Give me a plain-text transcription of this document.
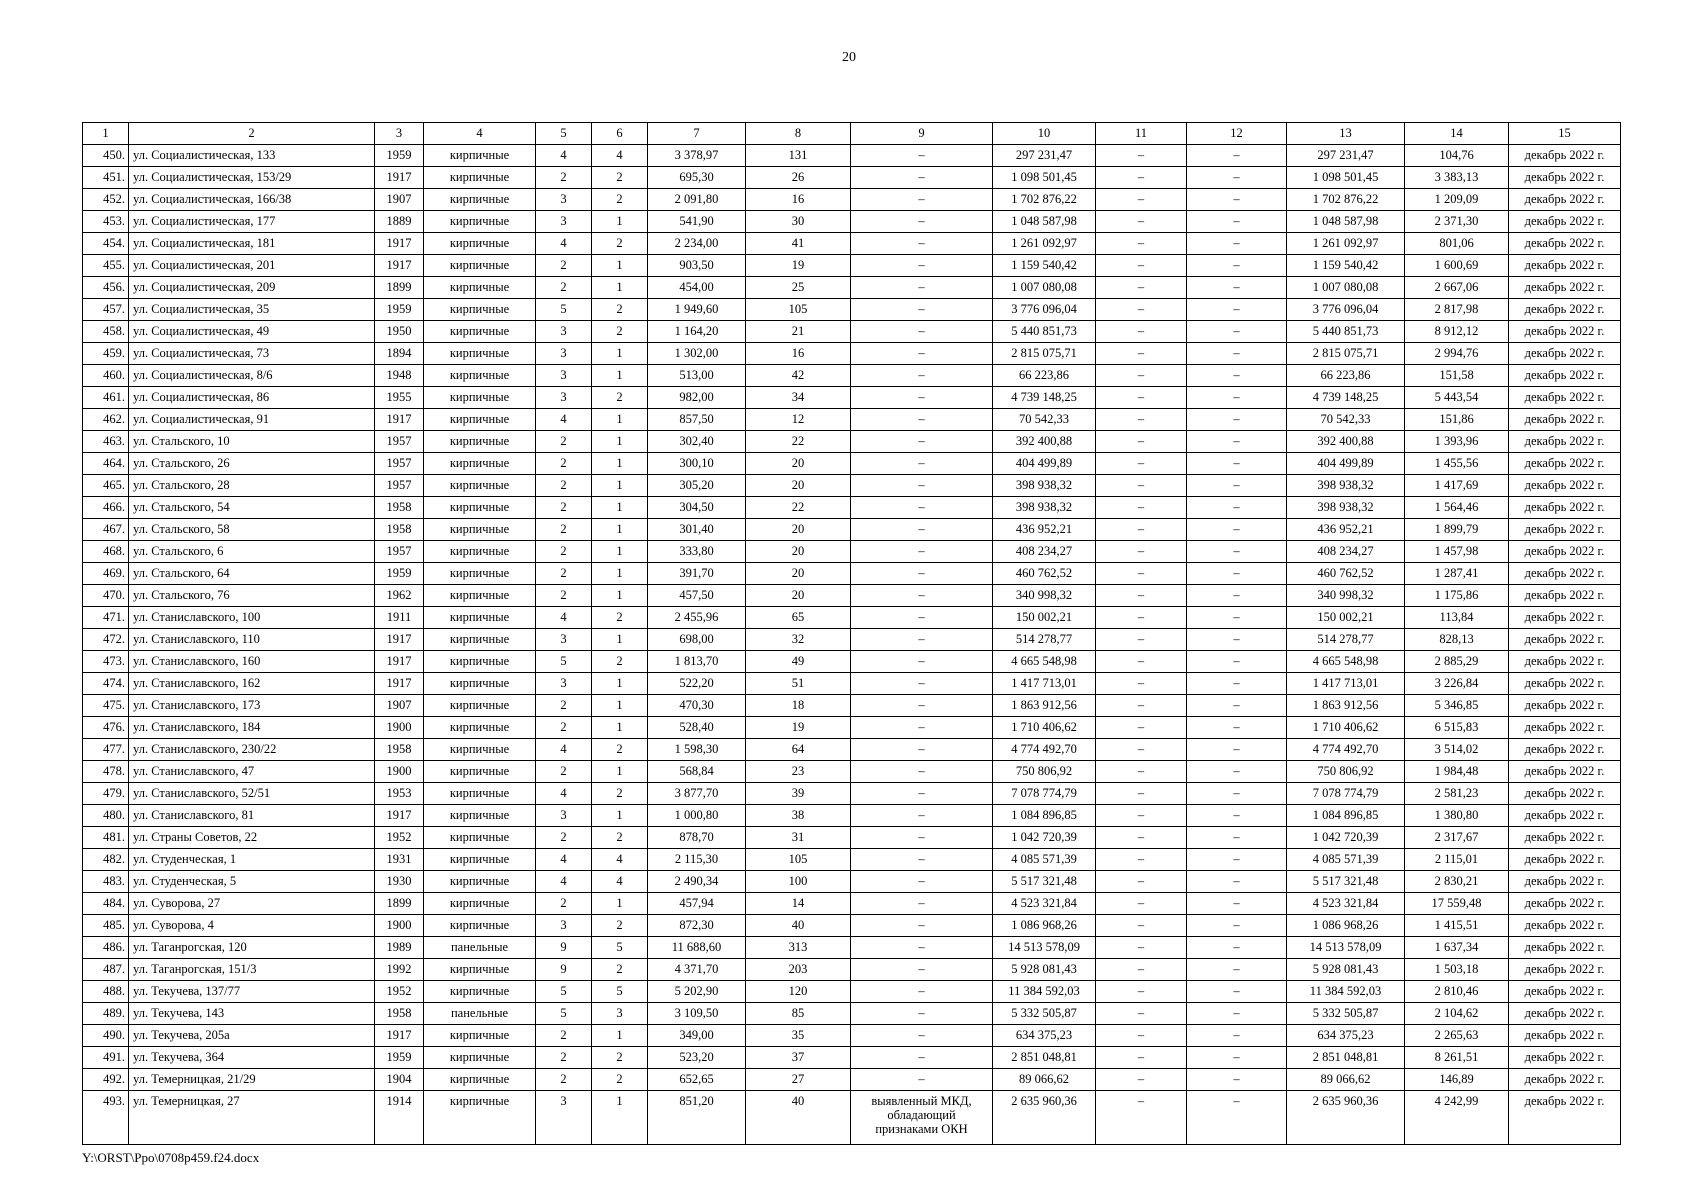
20
1	2	3	4	5	6	7	8	9	10	11	12	13	14	15
450.	ул. Социалистическая, 133	1959	кирпичные	4	4	3 378,97	131	–	297 231,47	–	–	297 231,47	104,76	декабрь 2022 г.
451.	ул. Социалистическая, 153/29	1917	кирпичные	2	2	695,30	26	–	1 098 501,45	–	–	1 098 501,45	3 383,13	декабрь 2022 г.
452.	ул. Социалистическая, 166/38	1907	кирпичные	3	2	2 091,80	16	–	1 702 876,22	–	–	1 702 876,22	1 209,09	декабрь 2022 г.
453.	ул. Социалистическая, 177	1889	кирпичные	3	1	541,90	30	–	1 048 587,98	–	–	1 048 587,98	2 371,30	декабрь 2022 г.
454.	ул. Социалистическая, 181	1917	кирпичные	4	2	2 234,00	41	–	1 261 092,97	–	–	1 261 092,97	801,06	декабрь 2022 г.
455.	ул. Социалистическая, 201	1917	кирпичные	2	1	903,50	19	–	1 159 540,42	–	–	1 159 540,42	1 600,69	декабрь 2022 г.
456.	ул. Социалистическая, 209	1899	кирпичные	2	1	454,00	25	–	1 007 080,08	–	–	1 007 080,08	2 667,06	декабрь 2022 г.
457.	ул. Социалистическая, 35	1959	кирпичные	5	2	1 949,60	105	–	3 776 096,04	–	–	3 776 096,04	2 817,98	декабрь 2022 г.
458.	ул. Социалистическая, 49	1950	кирпичные	3	2	1 164,20	21	–	5 440 851,73	–	–	5 440 851,73	8 912,12	декабрь 2022 г.
459.	ул. Социалистическая, 73	1894	кирпичные	3	1	1 302,00	16	–	2 815 075,71	–	–	2 815 075,71	2 994,76	декабрь 2022 г.
460.	ул. Социалистическая, 8/6	1948	кирпичные	3	1	513,00	42	–	66 223,86	–	–	66 223,86	151,58	декабрь 2022 г.
461.	ул. Социалистическая, 86	1955	кирпичные	3	2	982,00	34	–	4 739 148,25	–	–	4 739 148,25	5 443,54	декабрь 2022 г.
462.	ул. Социалистическая, 91	1917	кирпичные	4	1	857,50	12	–	70 542,33	–	–	70 542,33	151,86	декабрь 2022 г.
463.	ул. Стальского, 10	1957	кирпичные	2	1	302,40	22	–	392 400,88	–	–	392 400,88	1 393,96	декабрь 2022 г.
464.	ул. Стальского, 26	1957	кирпичные	2	1	300,10	20	–	404 499,89	–	–	404 499,89	1 455,56	декабрь 2022 г.
465.	ул. Стальского, 28	1957	кирпичные	2	1	305,20	20	–	398 938,32	–	–	398 938,32	1 417,69	декабрь 2022 г.
466.	ул. Стальского, 54	1958	кирпичные	2	1	304,50	22	–	398 938,32	–	–	398 938,32	1 564,46	декабрь 2022 г.
467.	ул. Стальского, 58	1958	кирпичные	2	1	301,40	20	–	436 952,21	–	–	436 952,21	1 899,79	декабрь 2022 г.
468.	ул. Стальского, 6	1957	кирпичные	2	1	333,80	20	–	408 234,27	–	–	408 234,27	1 457,98	декабрь 2022 г.
469.	ул. Стальского, 64	1959	кирпичные	2	1	391,70	20	–	460 762,52	–	–	460 762,52	1 287,41	декабрь 2022 г.
470.	ул. Стальского, 76	1962	кирпичные	2	1	457,50	20	–	340 998,32	–	–	340 998,32	1 175,86	декабрь 2022 г.
471.	ул. Станиславского, 100	1911	кирпичные	4	2	2 455,96	65	–	150 002,21	–	–	150 002,21	113,84	декабрь 2022 г.
472.	ул. Станиславского, 110	1917	кирпичные	3	1	698,00	32	–	514 278,77	–	–	514 278,77	828,13	декабрь 2022 г.
473.	ул. Станиславского, 160	1917	кирпичные	5	2	1 813,70	49	–	4 665 548,98	–	–	4 665 548,98	2 885,29	декабрь 2022 г.
474.	ул. Станиславского, 162	1917	кирпичные	3	1	522,20	51	–	1 417 713,01	–	–	1 417 713,01	3 226,84	декабрь 2022 г.
475.	ул. Станиславского, 173	1907	кирпичные	2	1	470,30	18	–	1 863 912,56	–	–	1 863 912,56	5 346,85	декабрь 2022 г.
476.	ул. Станиславского, 184	1900	кирпичные	2	1	528,40	19	–	1 710 406,62	–	–	1 710 406,62	6 515,83	декабрь 2022 г.
477.	ул. Станиславского, 230/22	1958	кирпичные	4	2	1 598,30	64	–	4 774 492,70	–	–	4 774 492,70	3 514,02	декабрь 2022 г.
478.	ул. Станиславского, 47	1900	кирпичные	2	1	568,84	23	–	750 806,92	–	–	750 806,92	1 984,48	декабрь 2022 г.
479.	ул. Станиславского, 52/51	1953	кирпичные	4	2	3 877,70	39	–	7 078 774,79	–	–	7 078 774,79	2 581,23	декабрь 2022 г.
480.	ул. Станиславского, 81	1917	кирпичные	3	1	1 000,80	38	–	1 084 896,85	–	–	1 084 896,85	1 380,80	декабрь 2022 г.
481.	ул. Страны Советов, 22	1952	кирпичные	2	2	878,70	31	–	1 042 720,39	–	–	1 042 720,39	2 317,67	декабрь 2022 г.
482.	ул. Студенческая, 1	1931	кирпичные	4	4	2 115,30	105	–	4 085 571,39	–	–	4 085 571,39	2 115,01	декабрь 2022 г.
483.	ул. Студенческая, 5	1930	кирпичные	4	4	2 490,34	100	–	5 517 321,48	–	–	5 517 321,48	2 830,21	декабрь 2022 г.
484.	ул. Суворова, 27	1899	кирпичные	2	1	457,94	14	–	4 523 321,84	–	–	4 523 321,84	17 559,48	декабрь 2022 г.
485.	ул. Суворова, 4	1900	кирпичные	3	2	872,30	40	–	1 086 968,26	–	–	1 086 968,26	1 415,51	декабрь 2022 г.
486.	ул. Таганрогская, 120	1989	панельные	9	5	11 688,60	313	–	14 513 578,09	–	–	14 513 578,09	1 637,34	декабрь 2022 г.
487.	ул. Таганрогская, 151/3	1992	кирпичные	9	2	4 371,70	203	–	5 928 081,43	–	–	5 928 081,43	1 503,18	декабрь 2022 г.
488.	ул. Текучева, 137/77	1952	кирпичные	5	5	5 202,90	120	–	11 384 592,03	–	–	11 384 592,03	2 810,46	декабрь 2022 г.
489.	ул. Текучева, 143	1958	панельные	5	3	3 109,50	85	–	5 332 505,87	–	–	5 332 505,87	2 104,62	декабрь 2022 г.
490.	ул. Текучева, 205а	1917	кирпичные	2	1	349,00	35	–	634 375,23	–	–	634 375,23	2 265,63	декабрь 2022 г.
491.	ул. Текучева, 364	1959	кирпичные	2	2	523,20	37	–	2 851 048,81	–	–	2 851 048,81	8 261,51	декабрь 2022 г.
492.	ул. Темерницкая, 21/29	1904	кирпичные	2	2	652,65	27	–	89 066,62	–	–	89 066,62	146,89	декабрь 2022 г.
493.	ул. Темерницкая, 27	1914	кирпичные	3	1	851,20	40	выявленный МКД, обладающий признаками ОКН	2 635 960,36	–	–	2 635 960,36	4 242,99	декабрь 2022 г.
Y:\ORST\Ppo\0708p459.f24.docx
